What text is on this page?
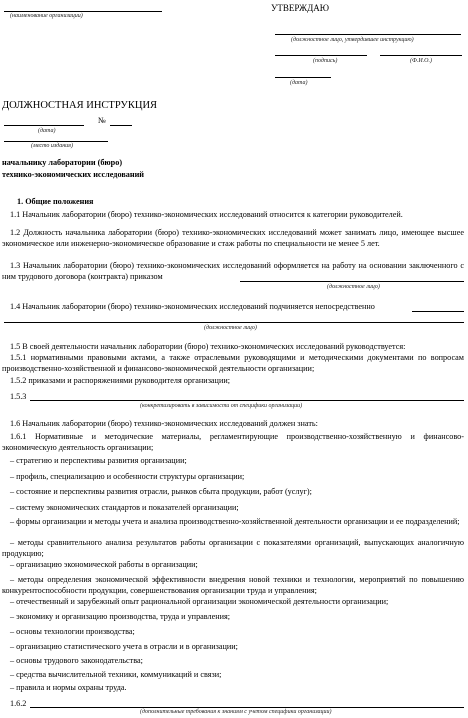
(наименование организации)
УТВЕРЖДАЮ
(должностное лицо, утвердившее инструкцию)
(подпись)	(Ф.И.О.)
(дата)
ДОЛЖНОСТНАЯ ИНСТРУКЦИЯ
№
(дата)
(место издания)
начальнику лаборатории (бюро)
технико-экономических исследований
1. Общие положения
1.1 Начальник лаборатории (бюро) технико-экономических исследований относится к категории руководителей.
1.2 Должность начальника лаборатории (бюро) технико-экономических исследований может занимать лицо, имеющее высшее экономическое или инженерно-экономическое образование и стаж работы по специальности не менее 5 лет.
1.3 Начальник лаборатории (бюро) технико-экономических исследований оформляется на работу на основании заключенного с ним трудового договора (контракта) приказом
(должностное лицо)
1.4 Начальник лаборатории (бюро) технико-экономических исследований подчиняется непосредственно
(должностное лицо)
1.5 В своей деятельности начальник лаборатории (бюро) технико-экономических исследований руководствуется:
1.5.1 нормативными правовыми актами, а также отраслевыми руководящими и методическими документами по вопросам производственно-хозяйственной и финансово-экономической деятельности организации;
1.5.2 приказами и распоряжениями руководителя организации;
1.5.3
(конкретизировать в зависимости от специфики организации)
1.6 Начальник лаборатории (бюро) технико-экономических исследований должен знать:
1.6.1 Нормативные и методические материалы, регламентирующие производственно-хозяйственную и финансово-экономическую деятельность организации;
– стратегию и перспективы развития организации;
– профиль, специализацию и особенности структуры организации;
– состояние и перспективы развития отрасли, рынков сбыта продукции, работ (услуг);
– систему экономических стандартов и показателей организации;
– формы организации и методы учета и анализа производственно-хозяйственной деятельности организации и ее подразделений;
– методы сравнительного анализа результатов работы организации с показателями организаций, выпускающих аналогичную продукцию;
– организацию экономической работы в организации;
– методы определения экономической эффективности внедрения новой техники и технологии, мероприятий по повышению конкурентоспособности продукции, совершенствования организации труда и управления;
– отечественный и зарубежный опыт рациональной организации экономической деятельности организации;
– экономику и организацию производства, труда и управления;
– основы технологии производства;
– организацию статистического учета в отрасли и в организации;
– основы трудового законодательства;
– средства вычислительной техники, коммуникаций и связи;
– правила и нормы охраны труда.
1.6.2
(дополнительные требования к знаниям с учетом специфики организации)
